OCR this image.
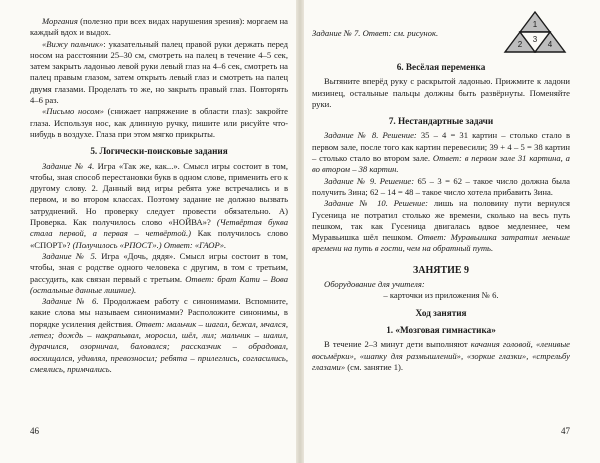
Моргания (полезно при всех видах нарушения зрения): моргаем на каждый вдох и выдох.

«Вижу пальчик»: указательный палец правой руки держать перед носом на расстоянии 25–30 см, смотреть на палец в течение 4–5 сек, затем закрыть ладонью левой руки левый глаз на 4–6 сек, смотреть на палец правым глазом, затем открыть левый глаз и смотреть на палец двумя глазами. Проделать то же, но закрыть правый глаз. Повторять 4–6 раз.

«Письмо носом» (снижает напряжение в области глаз): закройте глаза. Используя нос, как длинную ручку, пишите или рисуйте что-нибудь в воздухе. Глаза при этом мягко прикрыты.

5. Логически-поисковые задания

Задание № 4. Игра «Так же, как...». Смысл игры состоит в том, чтобы, зная способ перестановки букв в одном слове, применить его к другому слову. 2. Данный вид игры ребята уже встречались и в первом, и во втором классах. Поэтому задание не должно вызвать затруднений. Но проверку следует провести обязательно. А) Проверка. Как получилось слово «НОЙВА»? (Четвёртая буква стала первой, а первая – четвёртой.) Как получилось слово «СПОРТ»? (Получилось «РПОСТ».) Ответ: «ГАОР».

Задание № 5. Игра «Дочь, дядя». Смысл игры состоит в том, чтобы, зная с родстве одного человека с другим, в том с третьим, рассудить, как связан первый с третьим. Ответ: брат Кати – Вова (остальные данные лишние).

Задание № 6. Продолжаем работу с синонимами. Вспомните, какие слова мы называем синонимами? Расположите синонимы, в порядке усиления действия. Ответ: мальчик – шагал, бежал, мчался, летел; дождь – накрапывал, моросил, шёл, лил; мальчик – шалил, дурачился, озорничал, баловался; рассказчик – обрадовал, восхищался, удивлял, превозносил; ребята – прилеглись, согласились, смеялись, примчались.

46
Задание № 7. Ответ: см. рисунок.
1
2
3
4
6. Весёлая переменка

Вытяните вперёд руку с раскрытой ладонью. Прижмите к ладони мизинец, остальные пальцы должны быть развёрнуты. Поменяйте руки.

7. Нестандартные задачи

Задание № 8. Решение: 35 – 4 = 31 картин – столько стало в первом зале, после того как картин перевесили; 39 + 4 – 5 = 38 картин – столько стало во втором зале. Ответ: в первом зале 31 картина, а во втором – 38 картин.

Задание № 9. Решение: 65 – 3 = 62 – такое число должна была получить Зина; 62 – 14 = 48 – такое число хотела прибавить Зина.

Задание № 10. Решение: лишь на половину пути вернулся Гусеница не потратил столько же времени, сколько на весь путь пешком, так как Гусеница двигалась вдвое медленнее, чем Муравьишка шёл пешком. Ответ: Муравьишка затратил меньше времени на путь в гости, чем на обратный путь.

ЗАНЯТИЕ 9

Оборудование для учителя:

– карточки из приложения № 6.

Ход занятия
1. «Мозговая гимнастика»

В течение 2–3 минут дети выполняют качания головой, «ленивые восьмёрки», «шапку для размышлений», «зоркие глазки», «стрельбу глазами» (см. занятие 1).

47
